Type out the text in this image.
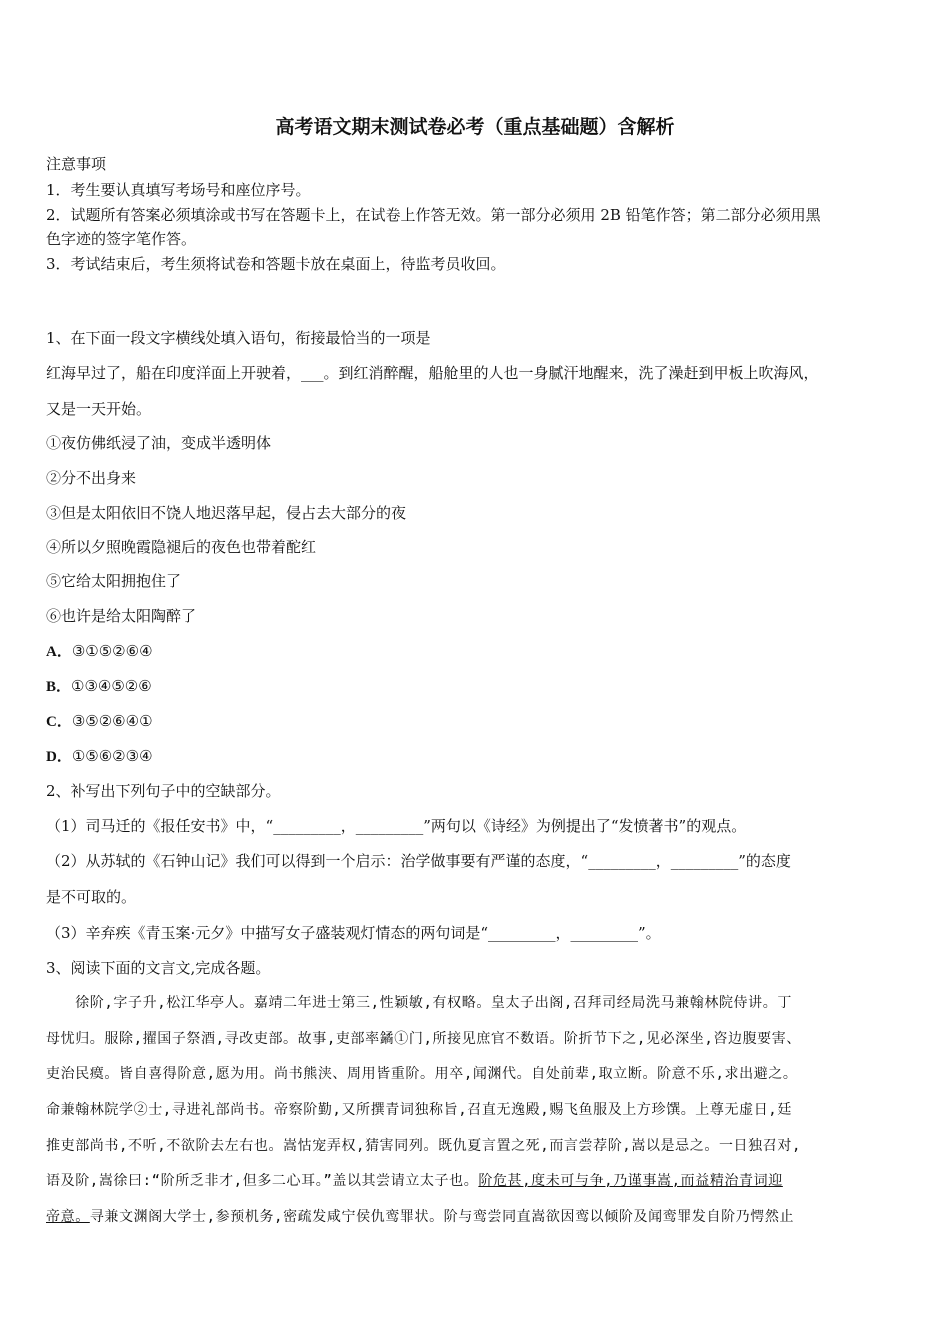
高考语文期末测试卷必考（重点基础题）含解析
注意事项
1．考生要认真填写考场号和座位序号。
2．试题所有答案必须填涂或书写在答题卡上，在试卷上作答无效。第一部分必须用 2B 铅笔作答；第二部分必须用黑
色字迹的签字笔作答。
3．考试结束后，考生须将试卷和答题卡放在桌面上，待监考员收回。
1、在下面一段文字横线处填入语句，衔接最恰当的一项是
红海早过了，船在印度洋面上开驶着，___。到红消醉醒，船舱里的人也一身腻汗地醒来，洗了澡赶到甲板上吹海风，
又是一天开始。
①夜仿佛纸浸了油，变成半透明体
②分不出身来
③但是太阳依旧不饶人地迟落早起，侵占去大部分的夜
④所以夕照晚霞隐褪后的夜色也带着酡红
⑤它给太阳拥抱住了
⑥也许是给太阳陶醉了
A．③①⑤②⑥④
B．①③④⑤②⑥
C．③⑤②⑥④①
D．①⑤⑥②③④
2、补写出下列句子中的空缺部分。
（1）司马迁的《报任安书》中，“_________，_________”两句以《诗经》为例提出了“发愤著书”的观点。
（2）从苏轼的《石钟山记》我们可以得到一个启示：治学做事要有严谨的态度，“_________，_________”的态度
是不可取的。
（3）辛弃疾《青玉案·元夕》中描写女子盛装观灯情态的两句词是“_________，_________”。
3、阅读下面的文言文,完成各题。
　　徐阶,字子升,松江华亭人。嘉靖二年进士第三,性颖敏,有权略。皇太子出阁,召拜司经局洗马兼翰林院侍讲。丁
母忧归。服除,擢国子祭酒,寻改吏部。故事,吏部率鐍①门,所接见庶官不数语。阶折节下之,见必深坐,咨边腹要害、
吏治民瘼。皆自喜得阶意,愿为用。尚书熊浃、周用皆重阶。用卒,闻渊代。自处前辈,取立断。阶意不乐,求出避之。
命兼翰林院学②士,寻进礼部尚书。帝察阶勤,又所撰青词独称旨,召直无逸殿,赐飞鱼服及上方珍馔。上尊无虚日,廷
推吏部尚书,不听,不欲阶去左右也。嵩怙宠弄权,猜害同列。既仇夏言置之死,而言尝荐阶,嵩以是忌之。一日独召对,
语及阶,嵩徐曰:“阶所乏非才,但多二心耳。”盖以其尝请立太子也。阶危甚,度未可与争,乃谨事嵩,而益精治青词迎
帝意。寻兼文渊阁大学士,参预机务,密疏发咸宁侯仇鸾罪状。阶与鸾尝同直嵩欲因鸾以倾阶及闻鸾罪发自阶乃愕然止
